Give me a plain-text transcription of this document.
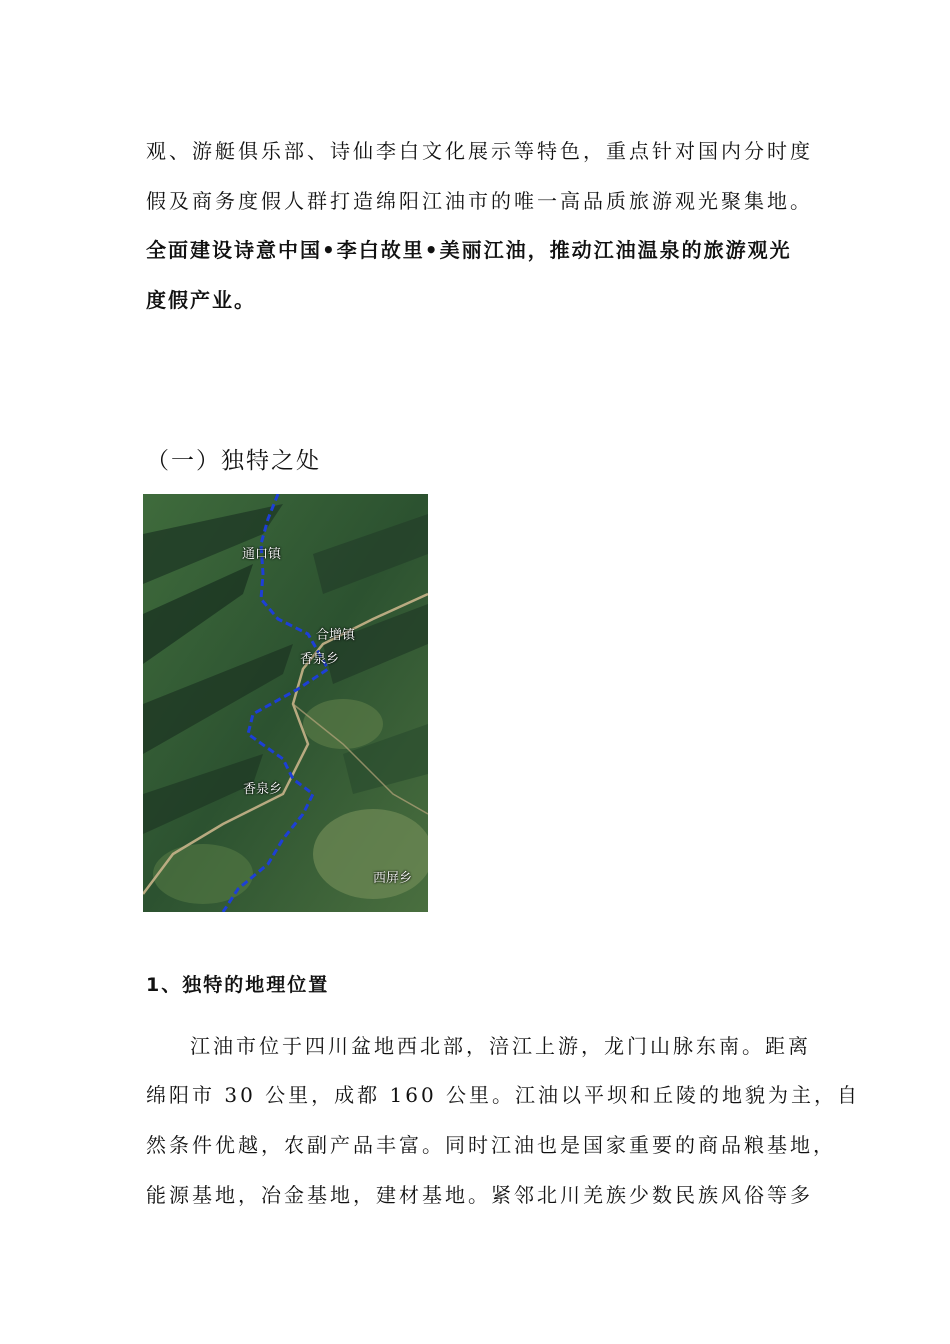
观、游艇俱乐部、诗仙李白文化展示等特色，重点针对国内分时度
假及商务度假人群打造绵阳江油市的唯一高品质旅游观光聚集地。
全面建设诗意中国•李白故里•美丽江油，推动江油温泉的旅游观光
度假产业。
（一）独特之处
通口镇
合增镇
香泉乡
香泉乡
西屏乡
1、独特的地理位置
江油市位于四川盆地西北部，涪江上游，龙门山脉东南。距离
绵阳市 30 公里，成都 160 公里。江油以平坝和丘陵的地貌为主，自
然条件优越，农副产品丰富。同时江油也是国家重要的商品粮基地，
能源基地，冶金基地，建材基地。紧邻北川羌族少数民族风俗等多
